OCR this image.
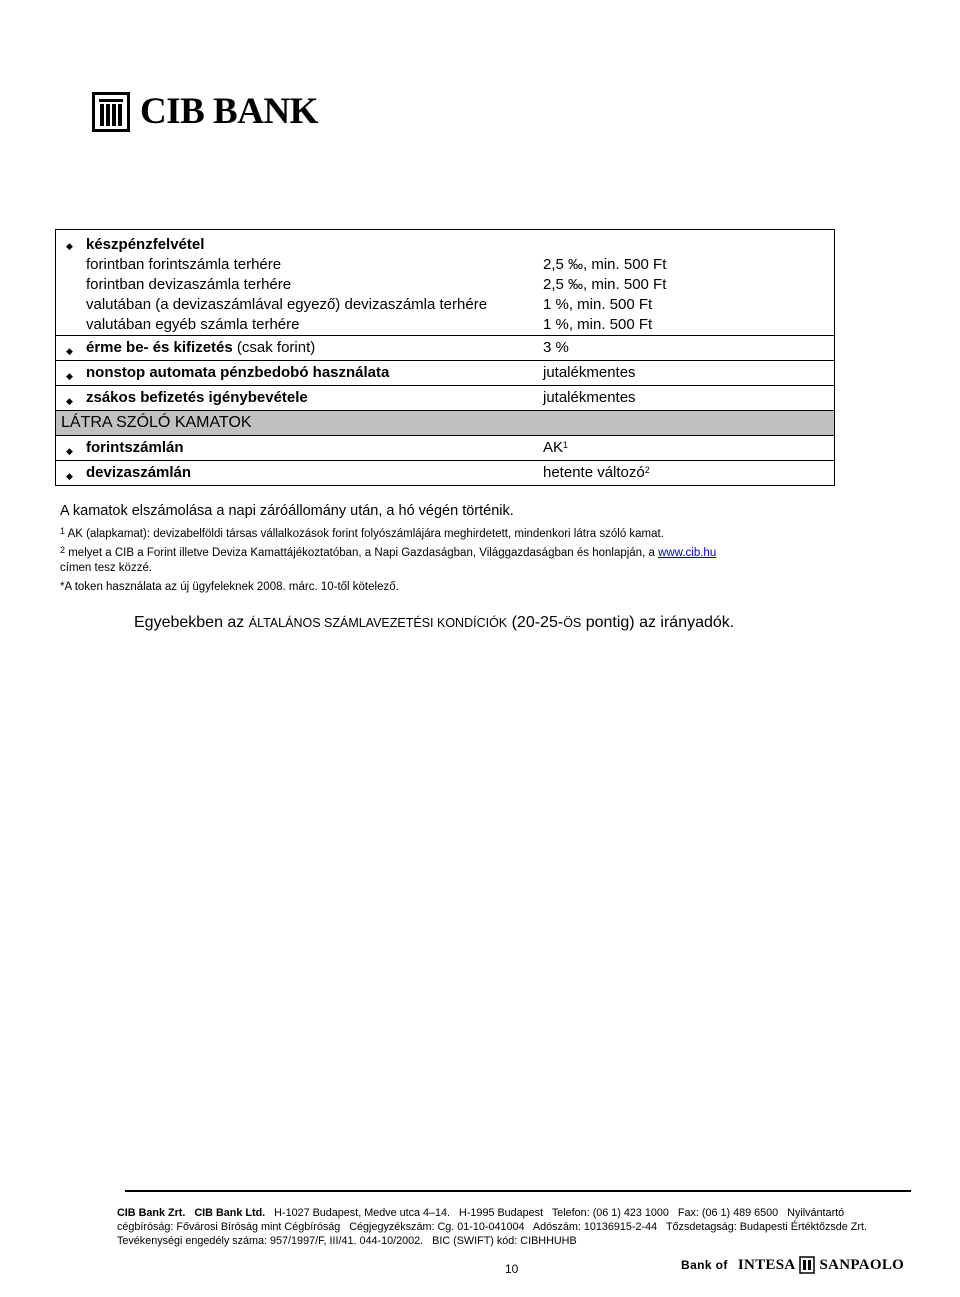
CIB BANK
◆ készpénzfelvétel
forintban forintszámla terhére	2,5 ‰, min. 500 Ft
forintban devizaszámla terhére	2,5 ‰, min. 500 Ft
valutában (a devizaszámlával egyező) devizaszámla terhére	1 %, min. 500 Ft
valutában egyéb számla terhére	1 %, min. 500 Ft
◆ érme be- és kifizetés (csak forint)	3 %
◆ nonstop automata pénzbedobó használata	jutalékmentes
◆ zsákos befizetés igénybevétele	jutalékmentes
LÁTRA SZÓLÓ KAMATOK
◆ forintszámlán	$AK^1$
◆ devizaszámlán	hetente változó$^2$
A kamatok elszámolása a napi záróállomány után, a hó végén történik.
$^1$ AK (alapkamat): devizabelföldi társas vállalkozások forint folyószámlájára meghirdetett, mindenkori látra szóló kamat.
$^2$ melyet a CIB a Forint illetve Deviza Kamattájékoztatóban, a Napi Gazdaságban, Világgazdaságban és honlapján, a www.cib.hu
címen tesz közzé.
*A token használata az új ügyfeleknek 2008. márc. 10-től kötelező.
Egyebekben az ÁLTALÁNOS SZÁMLAVEZETÉSI KONDÍCIÓK (20-25-ÖS pontig) az irányadók.
CIB Bank Zrt.   CIB Bank Ltd.   H-1027 Budapest, Medve utca 4–14.   H-1995 Budapest   Telefon: (06 1) 423 1000   Fax: (06 1) 489 6500   Nyilvántartó
cégbíróság: Fővárosi Bíróság mint Cégbíróság   Cégjegyzékszám: Cg. 01-10-041004   Adószám: 10136915-2-44   Tőzsdetagság: Budapesti Értéktőzsde Zrt.
Tevékenységi engedély száma: 957/1997/F, III/41. 044-10/2002.   BIC (SWIFT) kód: CIBHHUHB
10	Bank of INTESA SANPAOLO
